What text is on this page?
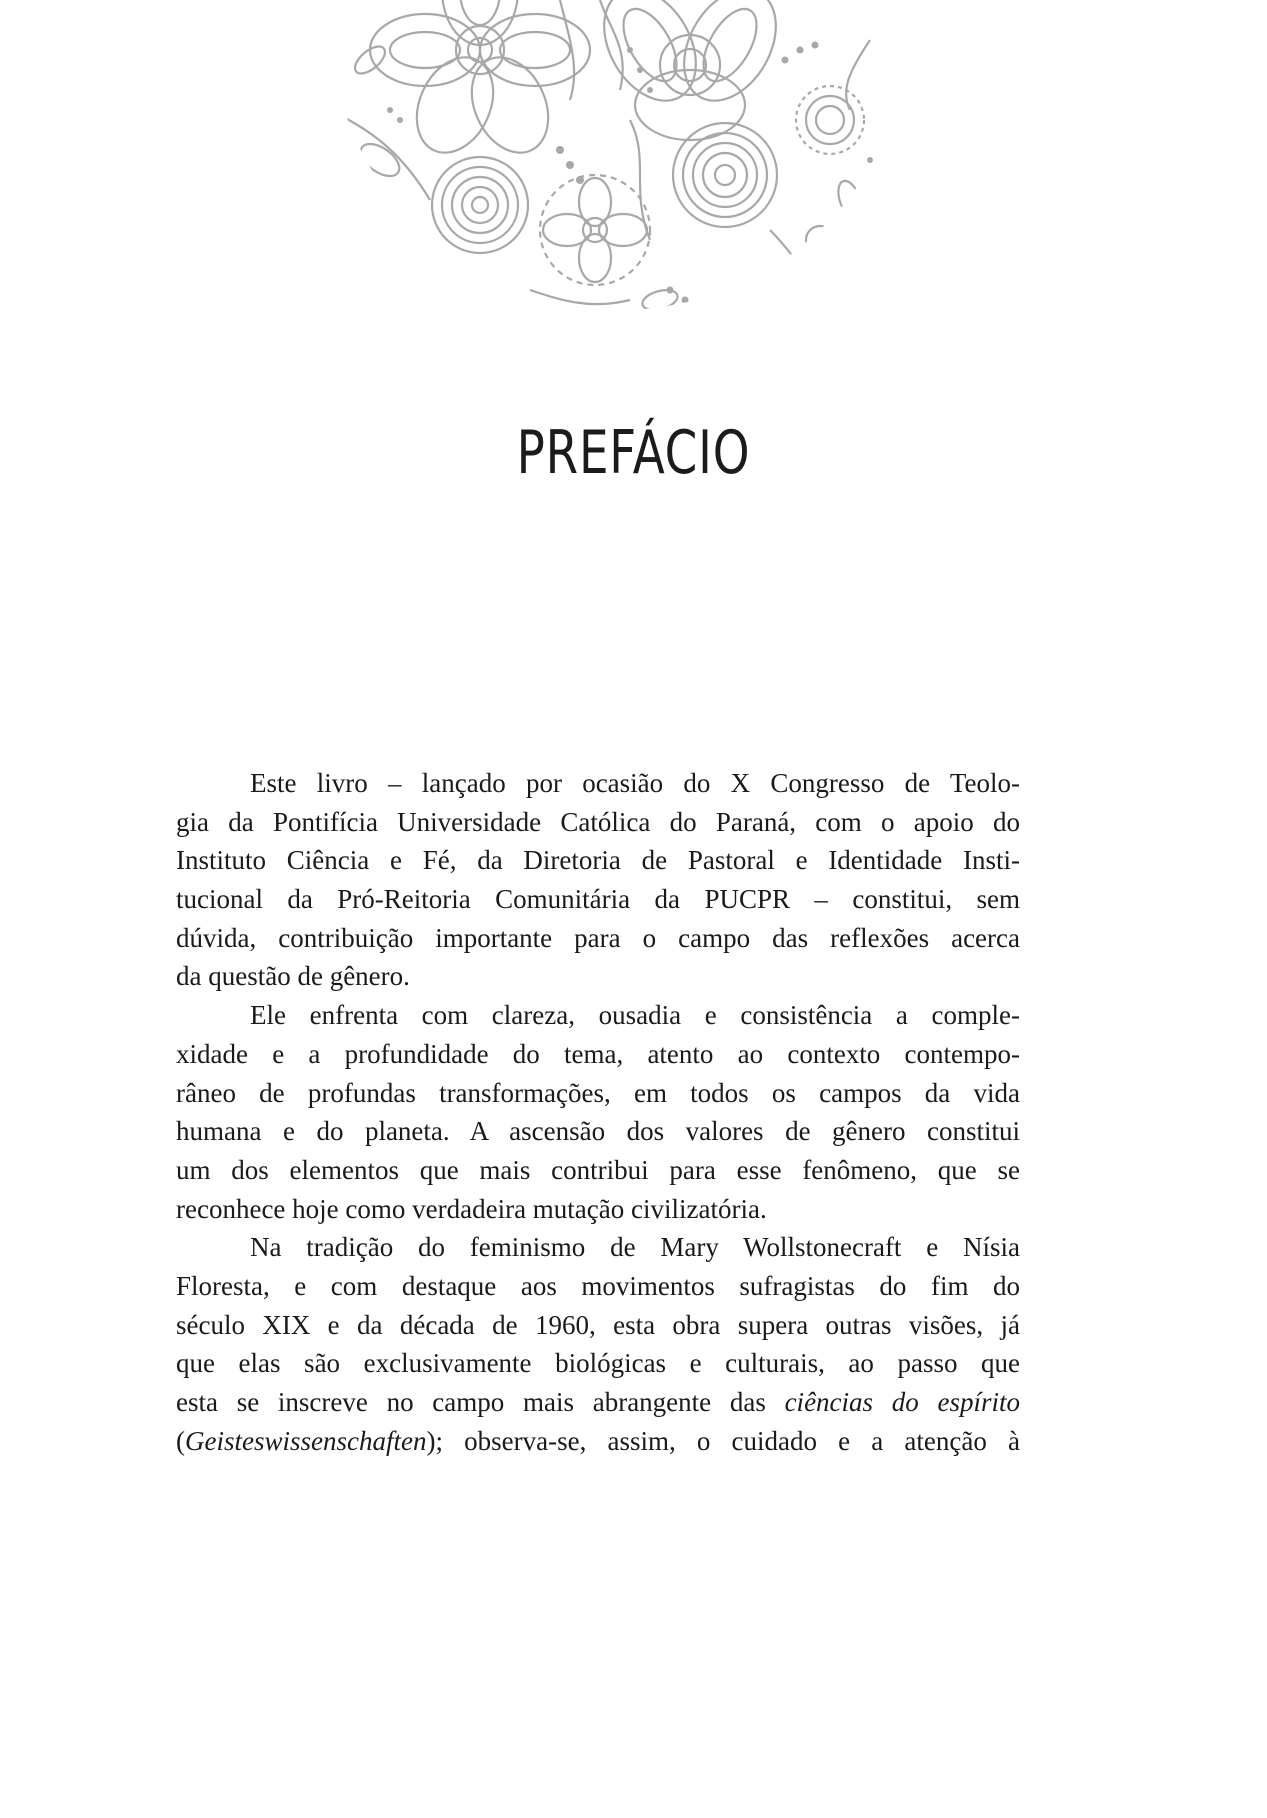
PREFÁCIO
Este livro – lançado por ocasião do X Congresso de Teolo-
gia da Pontifícia Universidade Católica do Paraná, com o apoio do
Instituto Ciência e Fé, da Diretoria de Pastoral e Identidade Insti-
tucional da Pró-Reitoria Comunitária da PUCPR – constitui, sem
dúvida, contribuição importante para o campo das reflexões acerca
da questão de gênero.
Ele enfrenta com clareza, ousadia e consistência a comple-
xidade e a profundidade do tema, atento ao contexto contempo-
râneo de profundas transformações, em todos os campos da vida
humana e do planeta. A ascensão dos valores de gênero constitui
um dos elementos que mais contribui para esse fenômeno, que se
reconhece hoje como verdadeira mutação civilizatória.
Na tradição do feminismo de Mary Wollstonecraft e Nísia
Floresta, e com destaque aos movimentos sufragistas do fim do
século XIX e da década de 1960, esta obra supera outras visões, já
que elas são exclusivamente biológicas e culturais, ao passo que
esta se inscreve no campo mais abrangente das ciências do espírito
(Geisteswissenschaften); observa-se, assim, o cuidado e a atenção à
